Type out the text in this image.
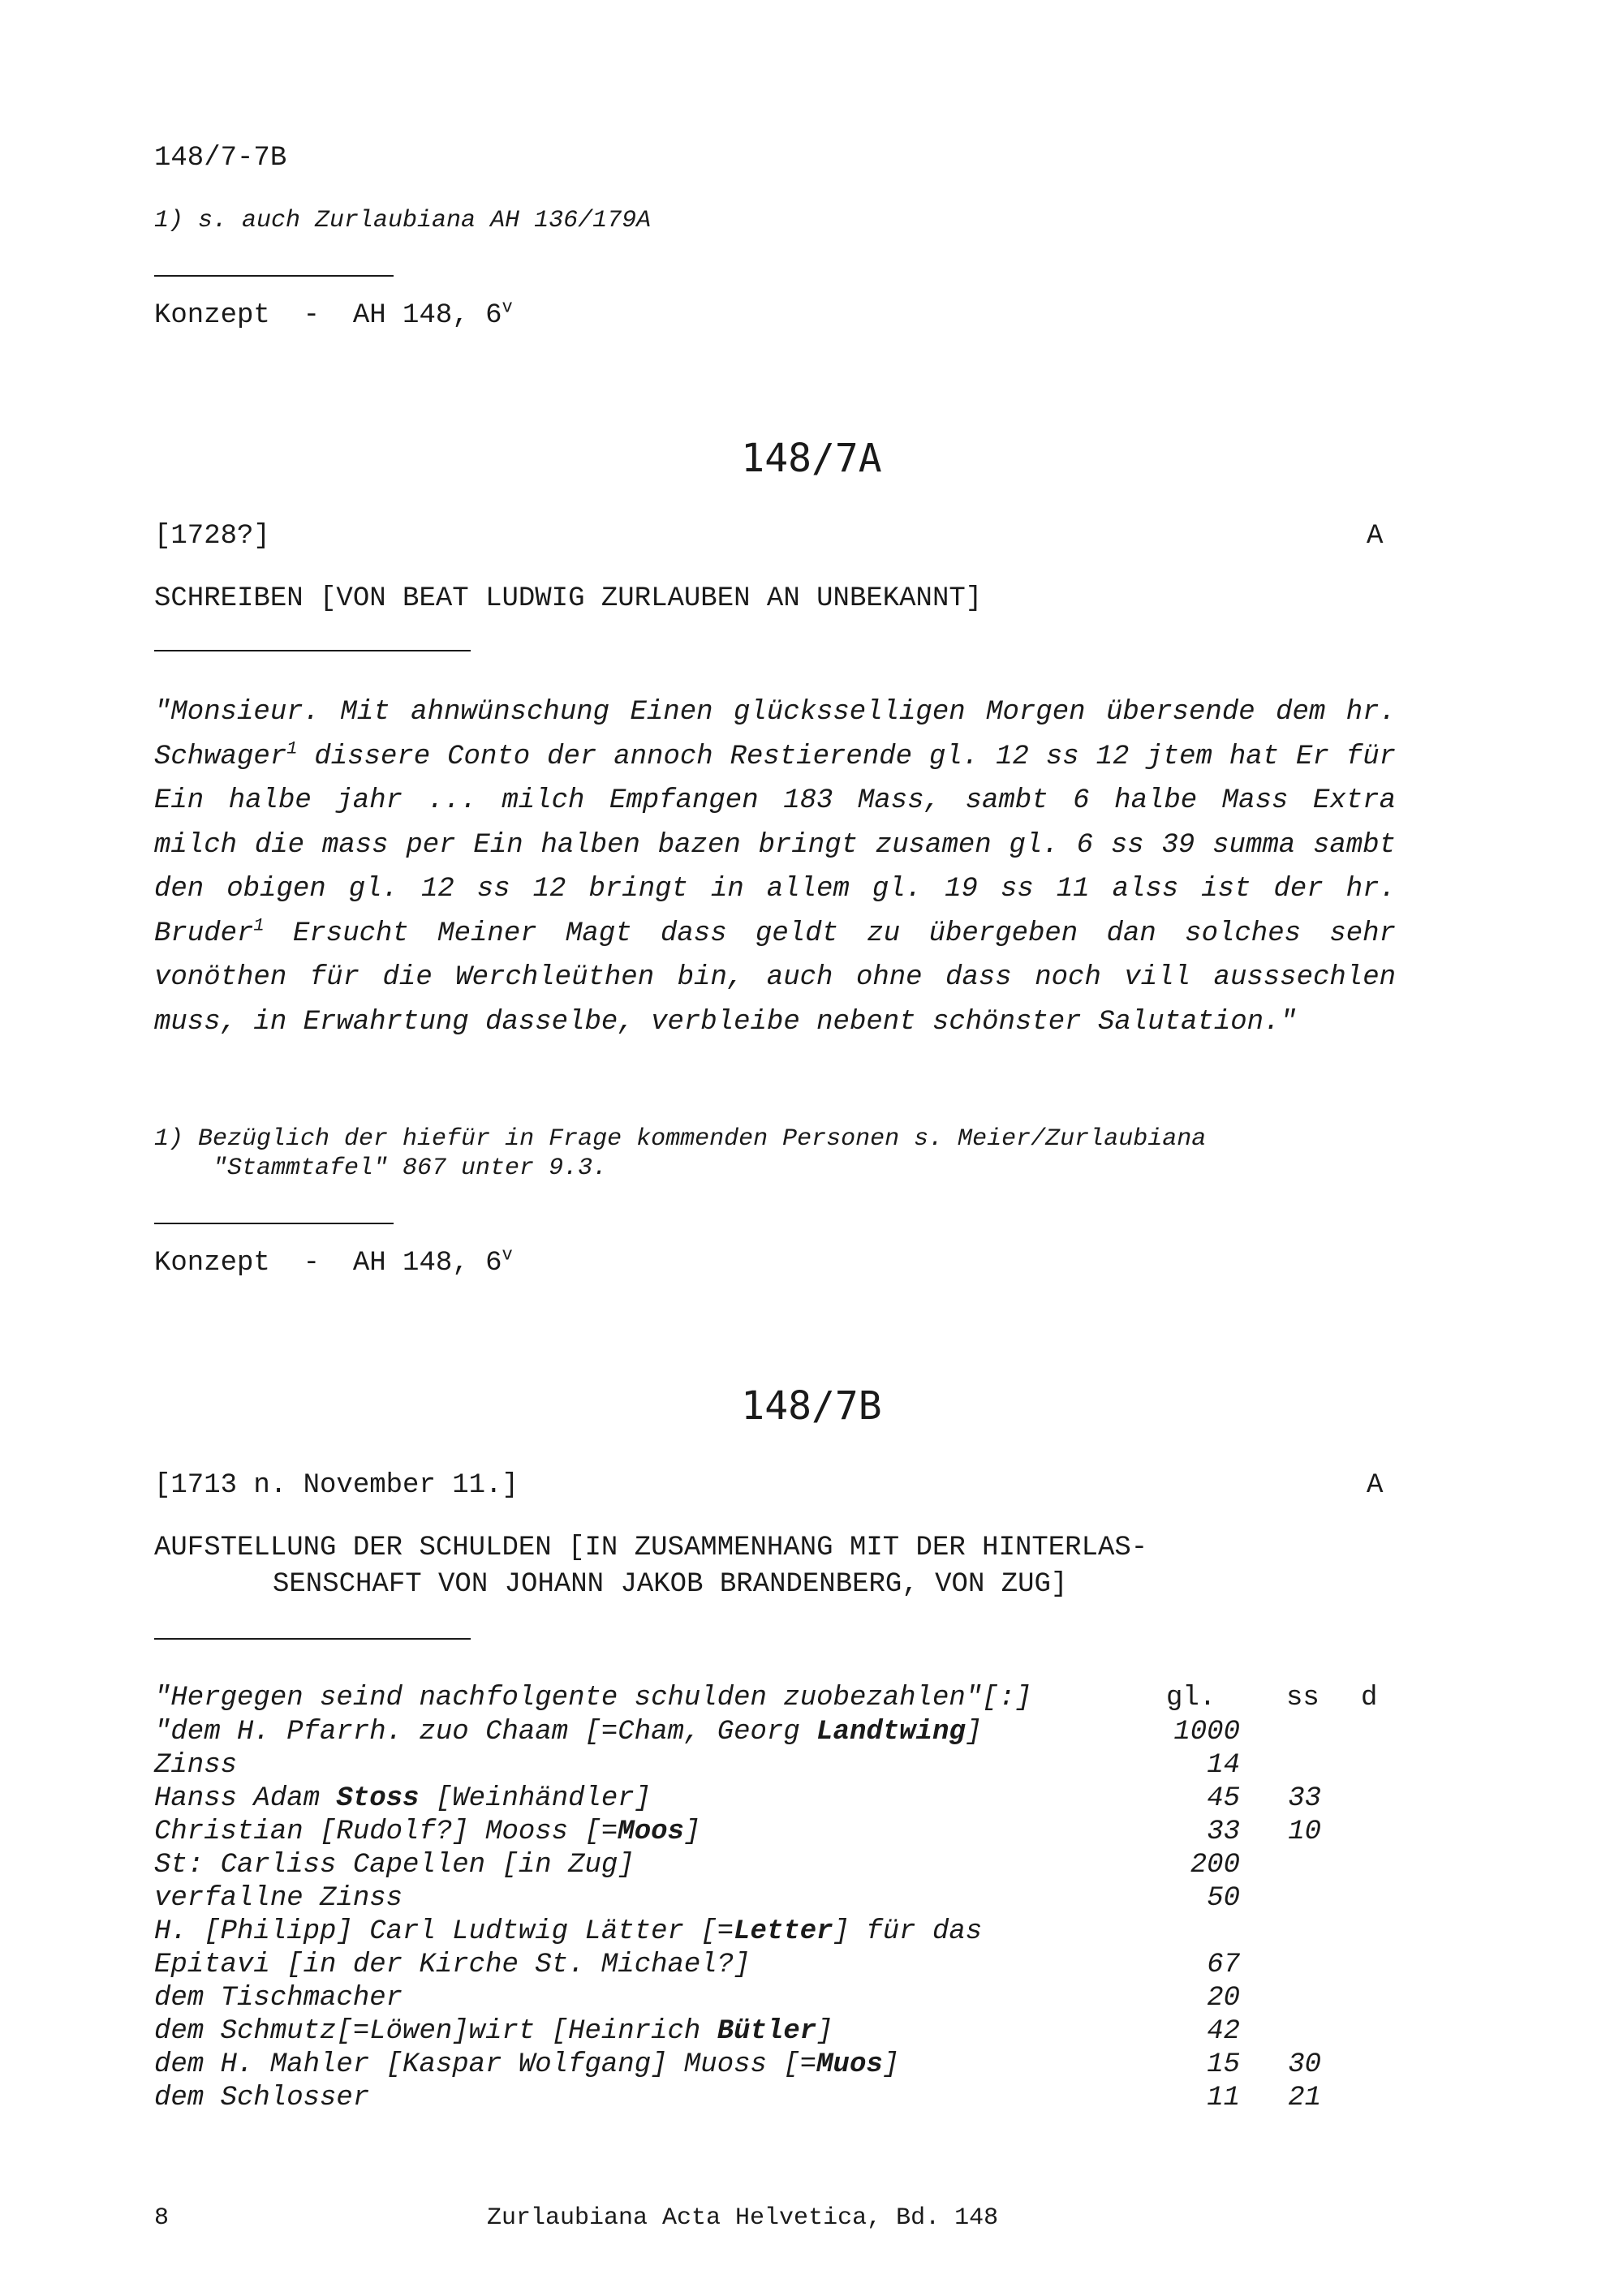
148/7-7B
1) s. auch Zurlaubiana AH 136/179A
Konzept  -  AH 148, 6$^v$
148/7A
[1728?]	A
SCHREIBEN [VON BEAT LUDWIG ZURLAUBEN AN UNBEKANNT]
"Monsieur. Mit ahnwünschung Einen glücksselligen Morgen übersende dem hr. Schwager$^1$ dissere Conto der annoch Restierende gl. 12 ss 12 jtem hat Er für Ein halbe jahr ... milch Empfangen 183 Mass, sambt 6 halbe Mass Extra milch die mass per Ein halben bazen bringt zusamen gl. 6 ss 39 summa sambt den obigen gl. 12 ss 12 bringt in allem gl. 19 ss 11 alss ist der hr. Bruder$^1$ Ersucht Meiner Magt dass geldt zu übergeben dan solches sehr vonöthen für die Werchleüthen bin, auch ohne dass noch vill ausssechlen muss, in Erwahrtung dasselbe, verbleibe nebent schönster Salutation."
1) Bezüglich der hiefür in Frage kommenden Personen s. Meier/Zurlaubiana
"Stammtafel" 867 unter 9.3.
Konzept  -  AH 148, 6$^v$
148/7B
[1713 n. November 11.]	A
AUFSTELLUNG DER SCHULDEN [IN ZUSAMMENHANG MIT DER HINTERLAS-
SENSCHAFT VON JOHANN JAKOB BRANDENBERG, VON ZUG]
"Hergegen seind nachfolgente schulden zuobezahlen"[:]	gl.	ss d
"dem H. Pfarrh. zuo Chaam [=Cham, Georg Landtwing]	1000
Zinss	14
Hanss Adam Stoss [Weinhändler]	45	33
Christian [Rudolf?] Mooss [=Moos]	33	10
St: Carliss Capellen [in Zug]	200
verfallne Zinss	50
H. [Philipp] Carl Ludtwig Lätter [=Letter] für das
Epitavi [in der Kirche St. Michael?]	67
dem Tischmacher	20
dem Schmutz[=Löwen]wirt [Heinrich Bütler]	42
dem H. Mahler [Kaspar Wolfgang] Muoss [=Muos]	15	30
dem Schlosser	11	21
8	Zurlaubiana Acta Helvetica, Bd. 148
